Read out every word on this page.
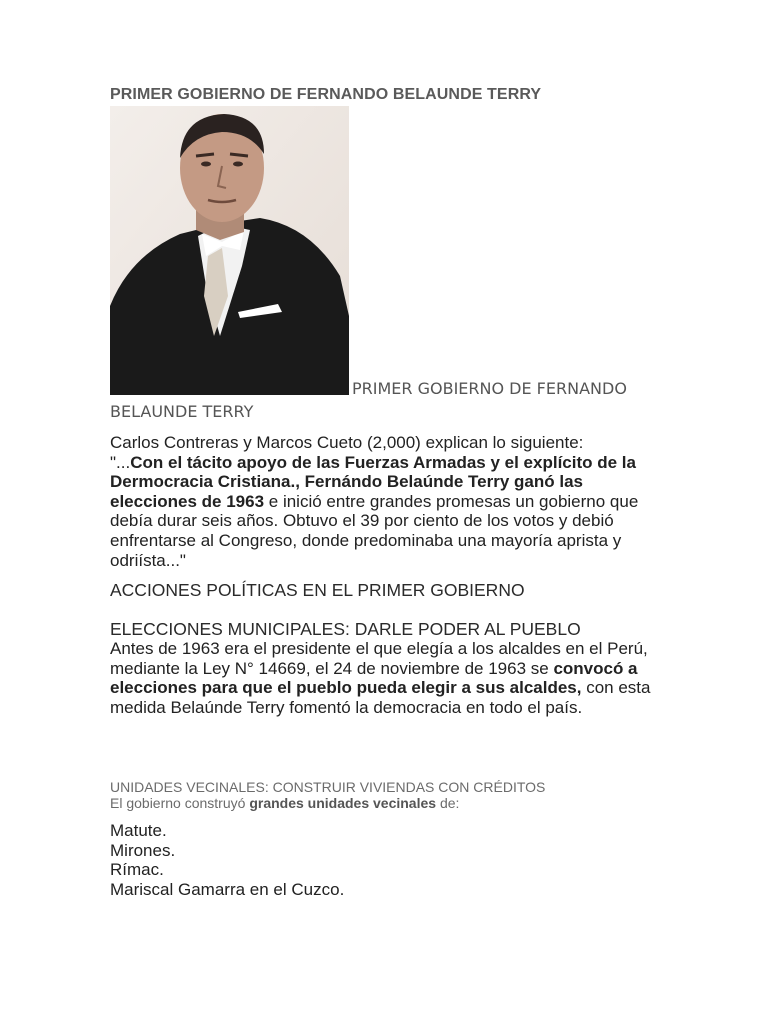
PRIMER GOBIERNO DE FERNANDO BELAUNDE TERRY
PRIMER GOBIERNO DE FERNANDO
BELAUNDE TERRY
Carlos Contreras y Marcos Cueto (2,000) explican lo siguiente:
"...Con el tácito apoyo de las Fuerzas Armadas y el explícito de la Dermocracia Cristiana., Fernándo Belaúnde Terry ganó las elecciones de 1963 e inició entre grandes promesas un gobierno que debía durar seis años. Obtuvo el 39 por ciento de los votos y debió enfrentarse al Congreso, donde predominaba una mayoría aprista y odriísta..."
ACCIONES POLÍTICAS EN EL PRIMER GOBIERNO
ELECCIONES MUNICIPALES: DARLE PODER AL PUEBLO
Antes de 1963 era el presidente el que elegía a los alcaldes en el Perú, mediante la Ley N° 14669, el 24 de noviembre de 1963 se convocó a elecciones para que el pueblo pueda elegir a sus alcaldes, con esta medida Belaúnde Terry fomentó la democracia en todo el país.
UNIDADES VECINALES: CONSTRUIR VIVIENDAS CON CRÉDITOS
El gobierno construyó grandes unidades vecinales de:
Matute.
Mirones.
Rímac.
Mariscal Gamarra en el Cuzco.
